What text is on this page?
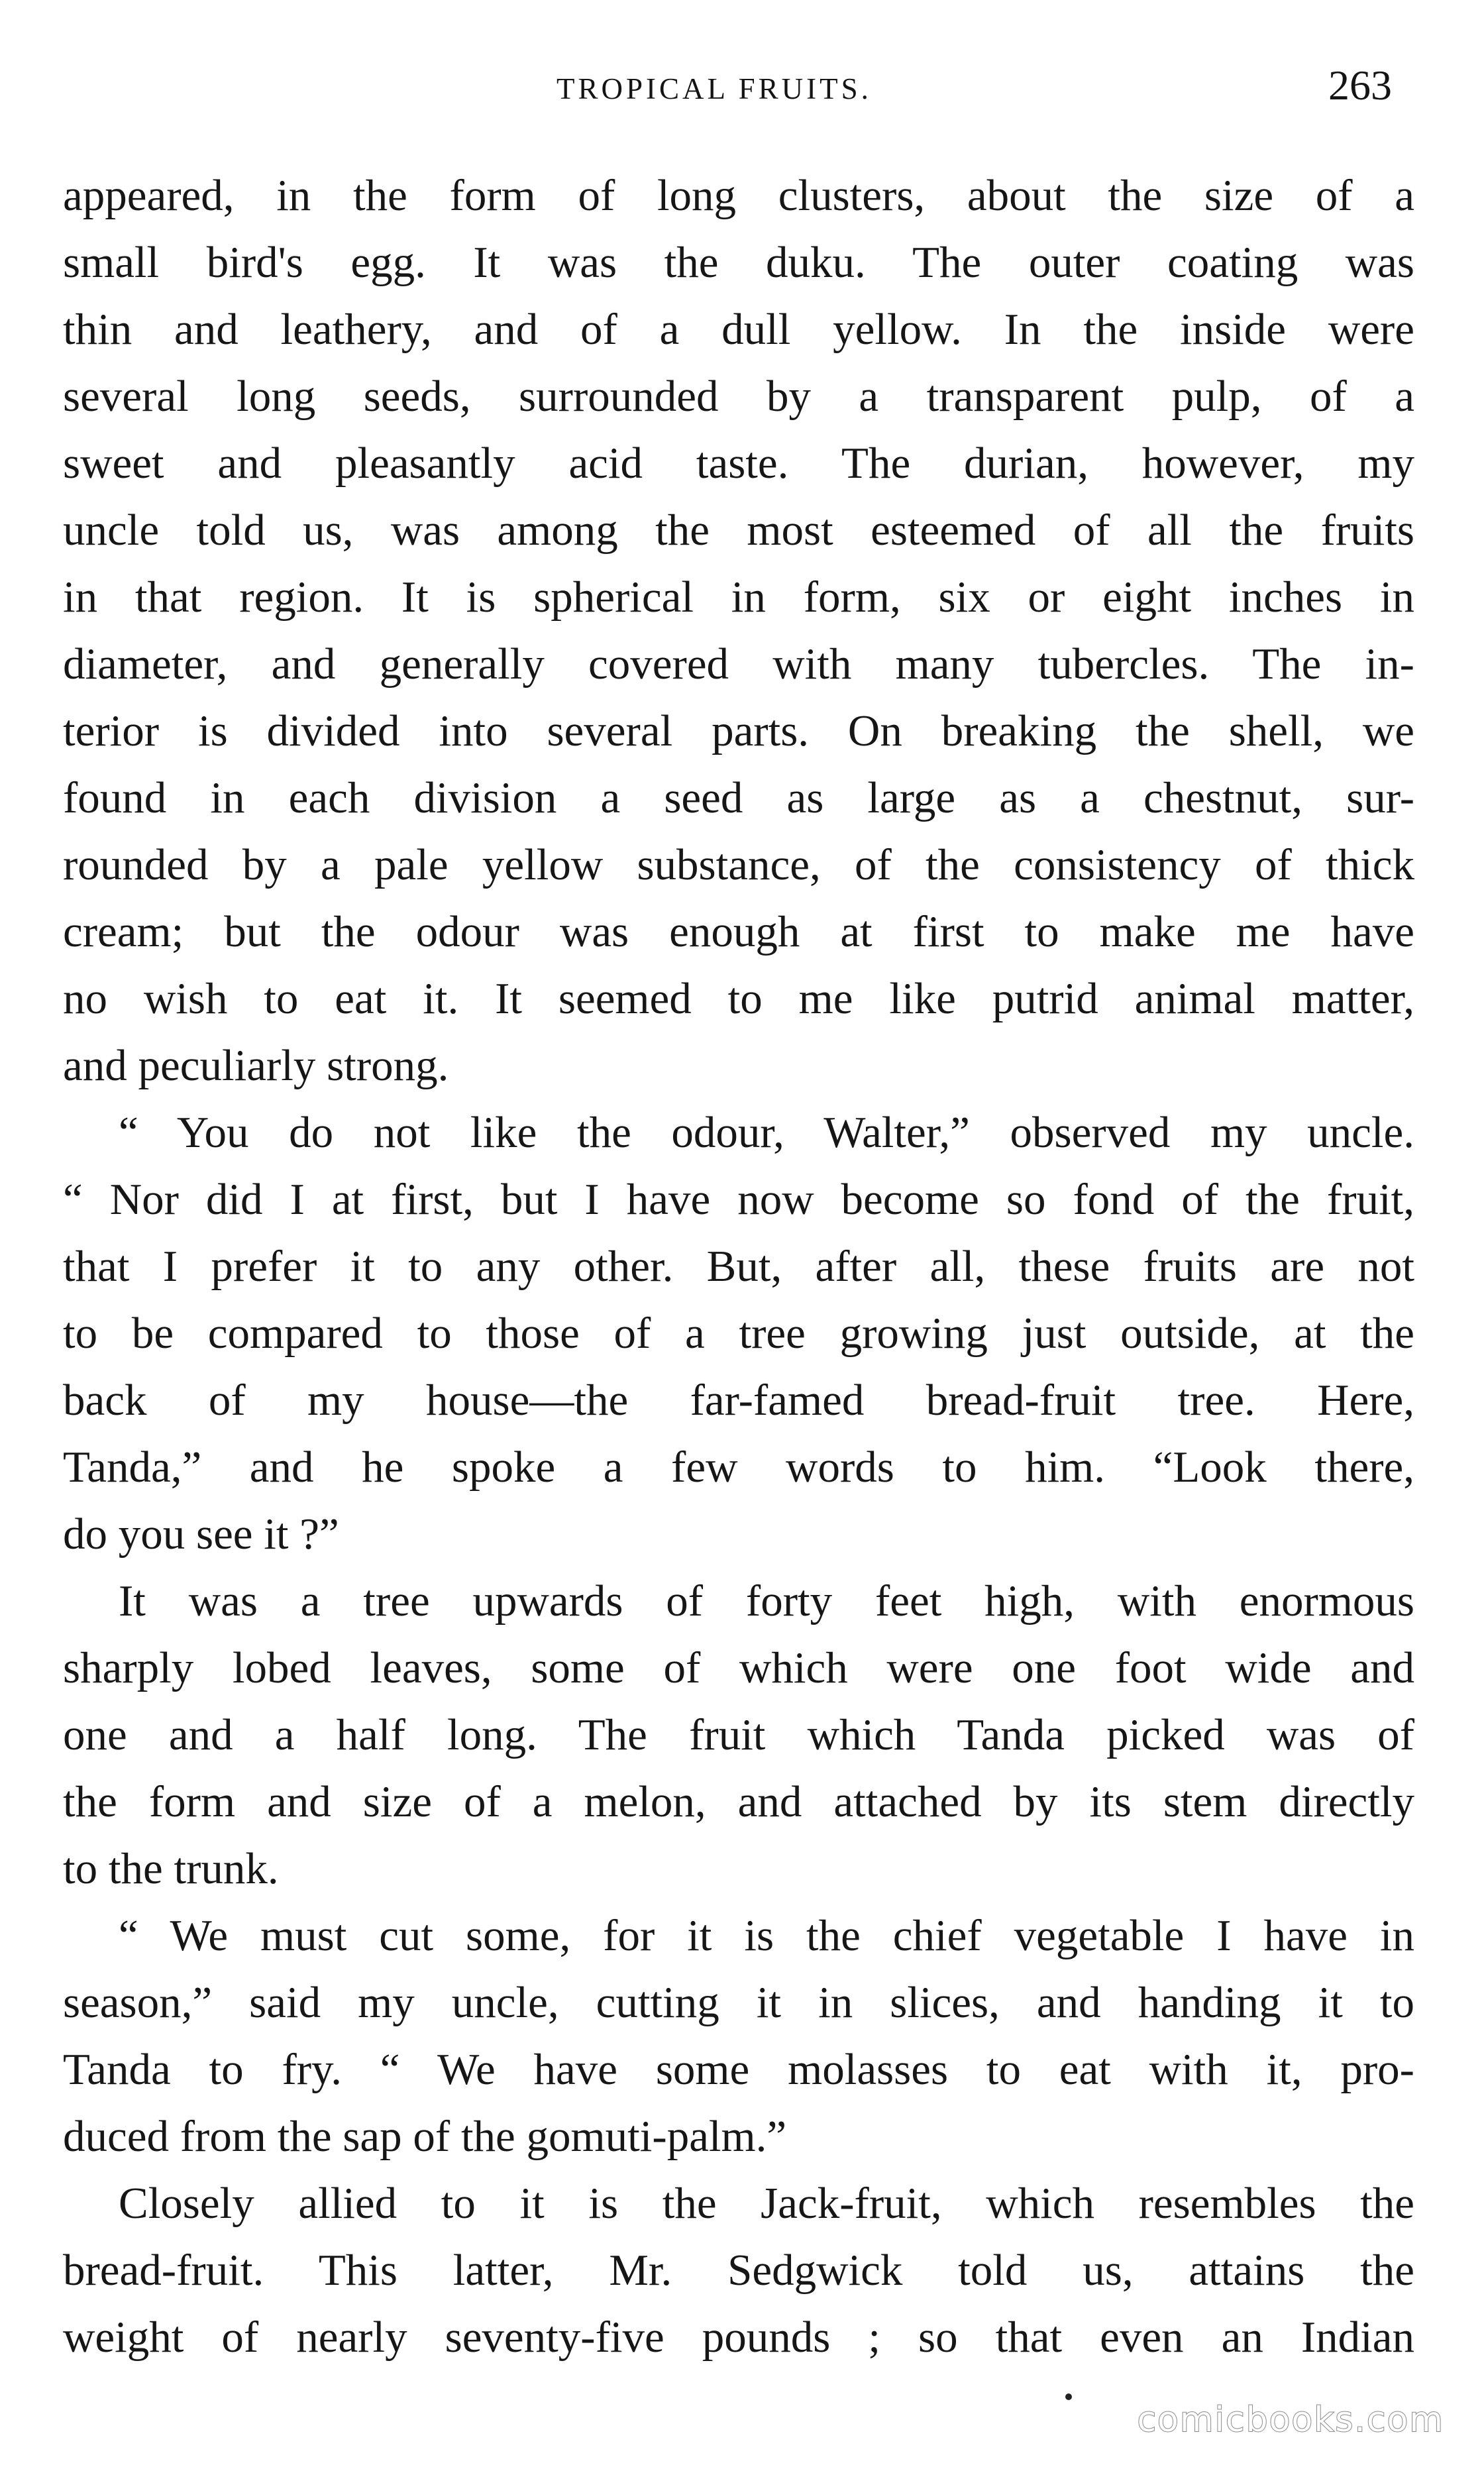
TROPICAL FRUITS.	263
appeared, in the form of long clusters, about the size of a
small bird's egg. It was the duku. The outer coating was
thin and leathery, and of a dull yellow. In the inside were
several long seeds, surrounded by a transparent pulp, of a
sweet and pleasantly acid taste. The durian, however, my
uncle told us, was among the most esteemed of all the fruits
in that region. It is spherical in form, six or eight inches in
diameter, and generally covered with many tubercles. The in-
terior is divided into several parts. On breaking the shell, we
found in each division a seed as large as a chestnut, sur-
rounded by a pale yellow substance, of the consistency of thick
cream; but the odour was enough at first to make me have
no wish to eat it. It seemed to me like putrid animal matter,
and peculiarly strong.
“ You do not like the odour, Walter,” observed my uncle.
“ Nor did I at first, but I have now become so fond of the fruit,
that I prefer it to any other. But, after all, these fruits are not
to be compared to those of a tree growing just outside, at the
back of my house—the far-famed bread-fruit tree. Here,
Tanda,” and he spoke a few words to him. “Look there,
do you see it ?”
It was a tree upwards of forty feet high, with enormous
sharply lobed leaves, some of which were one foot wide and
one and a half long. The fruit which Tanda picked was of
the form and size of a melon, and attached by its stem directly
to the trunk.
“ We must cut some, for it is the chief vegetable I have in
season,” said my uncle, cutting it in slices, and handing it to
Tanda to fry. “ We have some molasses to eat with it, pro-
duced from the sap of the gomuti-palm.”
Closely allied to it is the Jack-fruit, which resembles the
bread-fruit. This latter, Mr. Sedgwick told us, attains the
weight of nearly seventy-five pounds ; so that even an Indian
comicbooks.com
